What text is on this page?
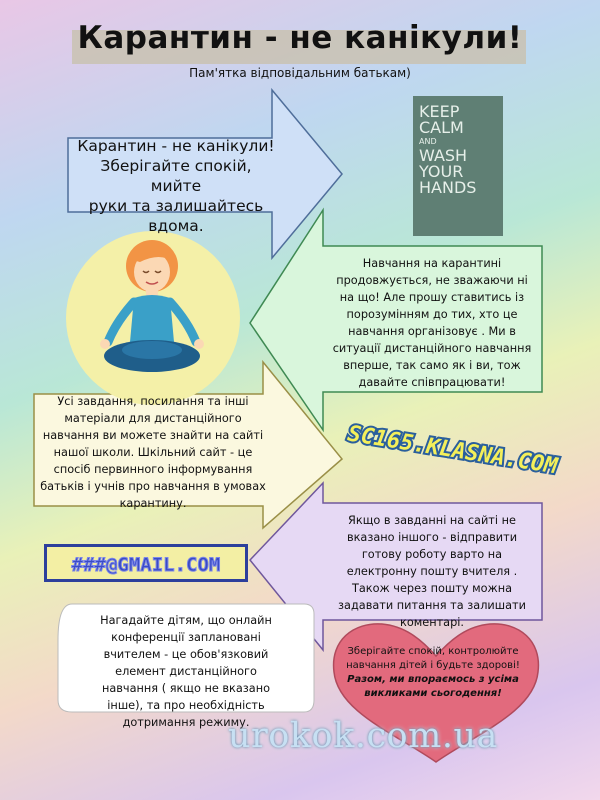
Карантин - не канікули!
Пам'ятка відповідальним батькам)
KEEP
CALM
AND
WASH
YOUR
HANDS
Карантин - не канікули!
Зберігайте спокій, мийте
руки та залишайтесь
вдома.
Навчання на карантині
продовжується, не зважаючи ні
на що! Але прошу ставитись із
порозумінням до тих, хто це
навчання організовує . Ми в
ситуації дистанційного навчання
вперше, так само як і ви, тож
давайте співпрацювати!
Усі завдання, посилання та інші
матеріали для дистанційного
навчання ви можете знайти на сайті
нашої школи. Шкільний сайт - це
спосіб первинного інформування
батьків і учнів про навчання в умовах
карантину.
SC165.KLASNA.COM
Якщо в завданні на сайті не
вказано іншого - відправити
готову роботу варто на
електронну пошту вчителя .
Також через пошту можна
задавати питання та залишати
коментарі.
###@GMAIL.COM
Нагадайте дітям, що онлайн
конференції заплановані
вчителем - це обов'язковий
елемент дистанційного
навчання ( якщо не вказано
інше), та про необхідність
дотримання режиму.
Зберігайте спокій, контролюйте
навчання дітей і будьте здорові!
Разом, ми впораємось з усіма
викликами сьогодення!
urokok.com.ua
